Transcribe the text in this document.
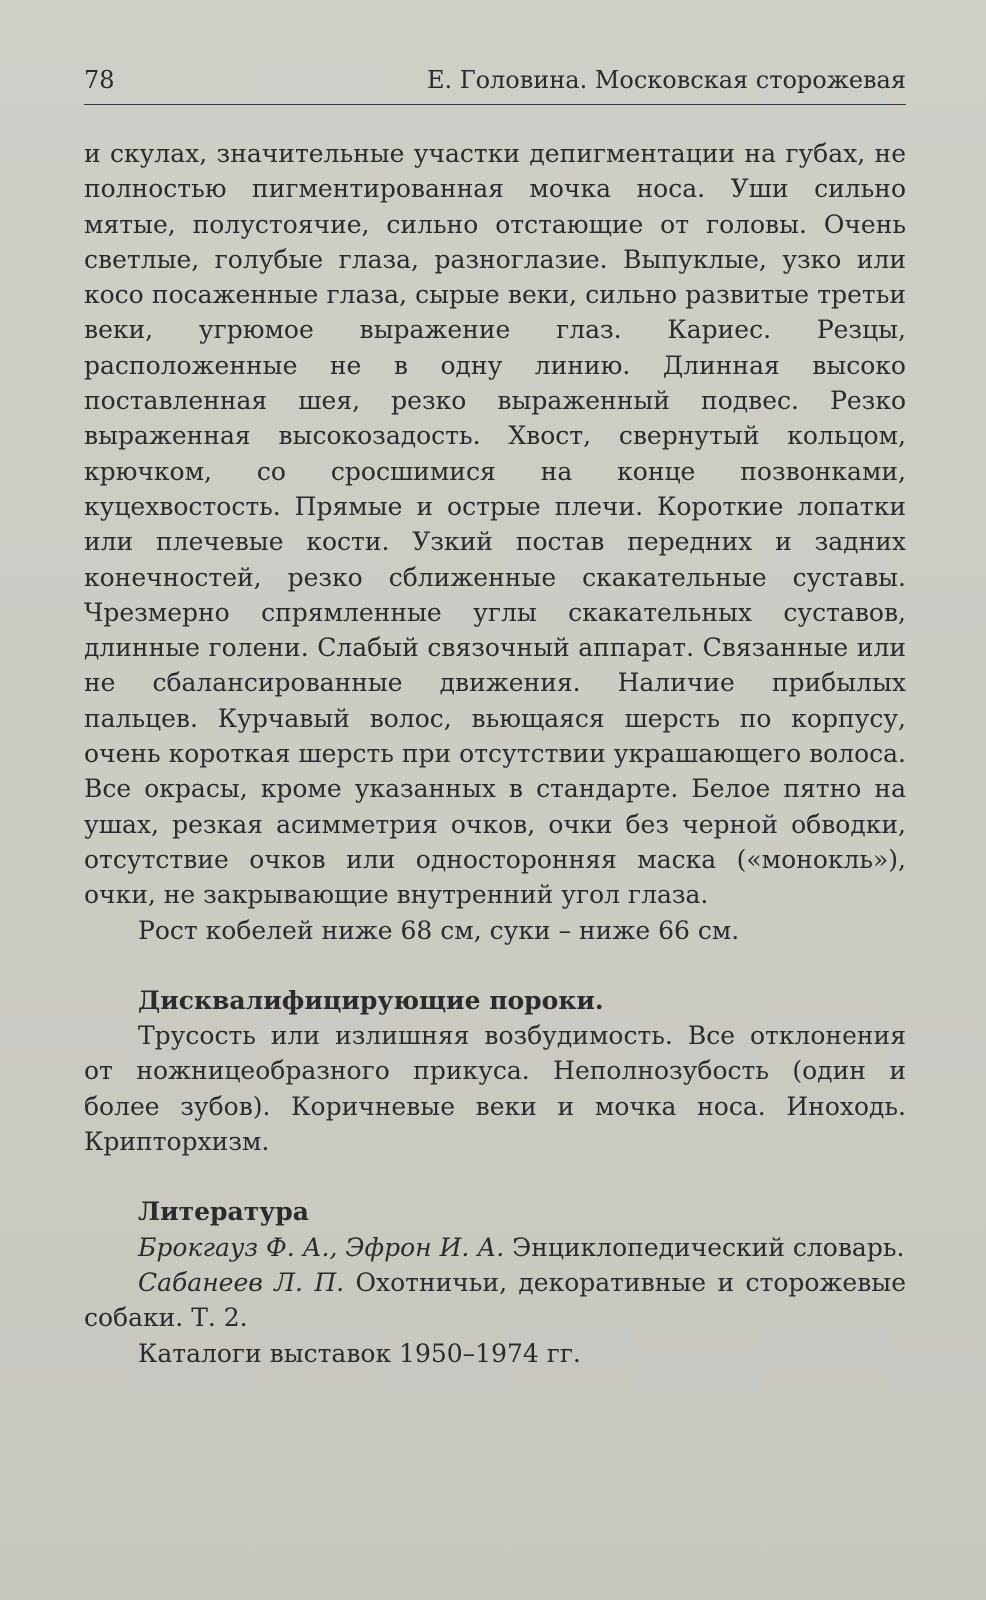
78	Е. Головина. Московская сторожевая

и скулах, значительные участки депигментации на губах, не полностью пигментированная мочка носа. Уши сильно мятые, полустоячие, сильно отстающие от головы. Очень светлые, голубые глаза, разноглазие. Выпуклые, узко или косо посаженные глаза, сырые веки, сильно развитые третьи веки, угрюмое выражение глаз. Кариес. Резцы, расположенные не в одну линию. Длинная высоко поставленная шея, резко выраженный подвес. Резко выраженная высокозадость. Хвост, свернутый кольцом, крючком, со сросшимися на конце позвонками, куцехвостость. Прямые и острые плечи. Короткие лопатки или плечевые кости. Узкий постав передних и задних конечностей, резко сближенные скакательные суставы. Чрезмерно спрямленные углы скакательных суставов, длинные голени. Слабый связочный аппарат. Связанные или не сбалансированные движения. Наличие прибылых пальцев. Курчавый волос, вьющаяся шерсть по корпусу, очень короткая шерсть при отсутствии украшающего волоса. Все окрасы, кроме указанных в стандарте. Белое пятно на ушах, резкая асимметрия очков, очки без черной обводки, отсутствие очков или односторонняя маска («монокль»), очки, не закрывающие внутренний угол глаза.

Рост кобелей ниже 68 см, суки – ниже 66 см.

Дисквалифицирующие пороки.

Трусость или излишняя возбудимость. Все отклонения от ножницеобразного прикуса. Неполнозубость (один и более зубов). Коричневые веки и мочка носа. Иноходь. Крипторхизм.

Литература

Брокгауз Ф. А., Эфрон И. А. Энциклопедический словарь.

Сабанеев Л. П. Охотничьи, декоративные и сторожевые собаки. Т. 2.

Каталоги выставок 1950–1974 гг.
